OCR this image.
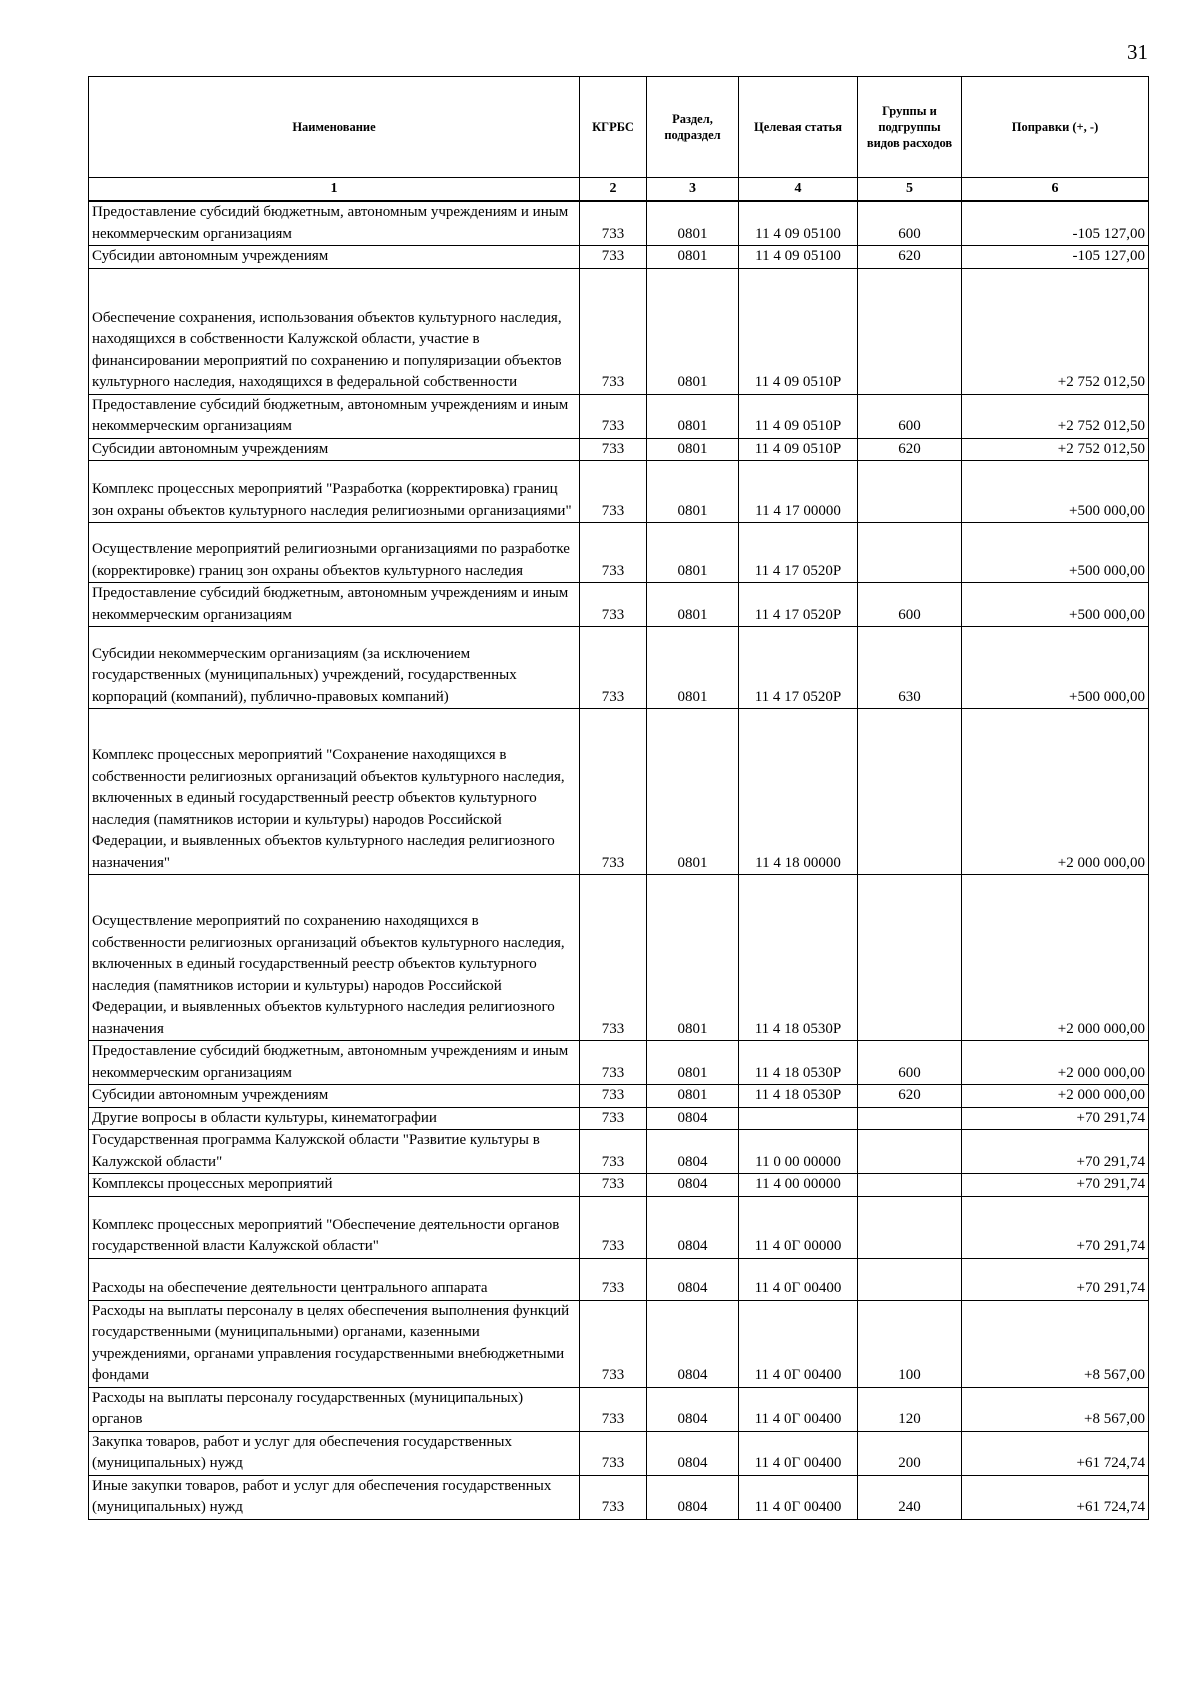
31
Наименование	КГРБС	Раздел, подраздел	Целевая статья	Группы и подгруппы видов расходов	Поправки (+, -)
1	2	3	4	5	6
Предоставление субсидий бюджетным, автономным учреждениям и иным некоммерческим организациям	733	0801	11 4 09 05100	600	-105 127,00
Субсидии автономным учреждениям	733	0801	11 4 09 05100	620	-105 127,00
Обеспечение сохранения, использования объектов культурного наследия, находящихся в собственности Калужской области, участие в финансировании мероприятий по сохранению и популяризации объектов культурного наследия, находящихся в федеральной собственности	733	0801	11 4 09 0510Р		+2 752 012,50
Предоставление субсидий бюджетным, автономным учреждениям и иным некоммерческим организациям	733	0801	11 4 09 0510Р	600	+2 752 012,50
Субсидии автономным учреждениям	733	0801	11 4 09 0510Р	620	+2 752 012,50
Комплекс процессных мероприятий "Разработка (корректировка) границ зон охраны объектов культурного наследия религиозными организациями"	733	0801	11 4 17 00000		+500 000,00
Осуществление мероприятий религиозными организациями по разработке (корректировке) границ зон охраны объектов культурного наследия	733	0801	11 4 17 0520Р		+500 000,00
Предоставление субсидий бюджетным, автономным учреждениям и иным некоммерческим организациям	733	0801	11 4 17 0520Р	600	+500 000,00
Субсидии некоммерческим организациям (за исключением государственных (муниципальных) учреждений, государственных корпораций (компаний), публично-правовых компаний)	733	0801	11 4 17 0520Р	630	+500 000,00
Комплекс процессных мероприятий "Сохранение находящихся в собственности религиозных организаций объектов культурного наследия, включенных в единый государственный реестр объектов культурного наследия (памятников истории и культуры) народов Российской Федерации, и выявленных объектов культурного наследия религиозного назначения"	733	0801	11 4 18 00000		+2 000 000,00
Осуществление мероприятий по сохранению находящихся в собственности религиозных организаций объектов культурного наследия, включенных в единый государственный реестр объектов культурного наследия (памятников истории и культуры) народов Российской Федерации, и выявленных объектов культурного наследия религиозного назначения	733	0801	11 4 18 0530Р		+2 000 000,00
Предоставление субсидий бюджетным, автономным учреждениям и иным некоммерческим организациям	733	0801	11 4 18 0530Р	600	+2 000 000,00
Субсидии автономным учреждениям	733	0801	11 4 18 0530Р	620	+2 000 000,00
Другие вопросы в области культуры, кинематографии	733	0804			+70 291,74
Государственная программа Калужской области "Развитие культуры в Калужской области"	733	0804	11 0 00 00000		+70 291,74
Комплексы процессных мероприятий	733	0804	11 4 00 00000		+70 291,74
Комплекс процессных мероприятий "Обеспечение деятельности органов государственной власти Калужской области"	733	0804	11 4 0Г 00000		+70 291,74
Расходы на обеспечение деятельности центрального аппарата	733	0804	11 4 0Г 00400		+70 291,74
Расходы на выплаты персоналу в целях обеспечения выполнения функций государственными (муниципальными) органами, казенными учреждениями, органами управления государственными внебюджетными фондами	733	0804	11 4 0Г 00400	100	+8 567,00
Расходы на выплаты персоналу государственных (муниципальных) органов	733	0804	11 4 0Г 00400	120	+8 567,00
Закупка товаров, работ и услуг для обеспечения государственных (муниципальных) нужд	733	0804	11 4 0Г 00400	200	+61 724,74
Иные закупки товаров, работ и услуг для обеспечения государственных (муниципальных) нужд	733	0804	11 4 0Г 00400	240	+61 724,74
